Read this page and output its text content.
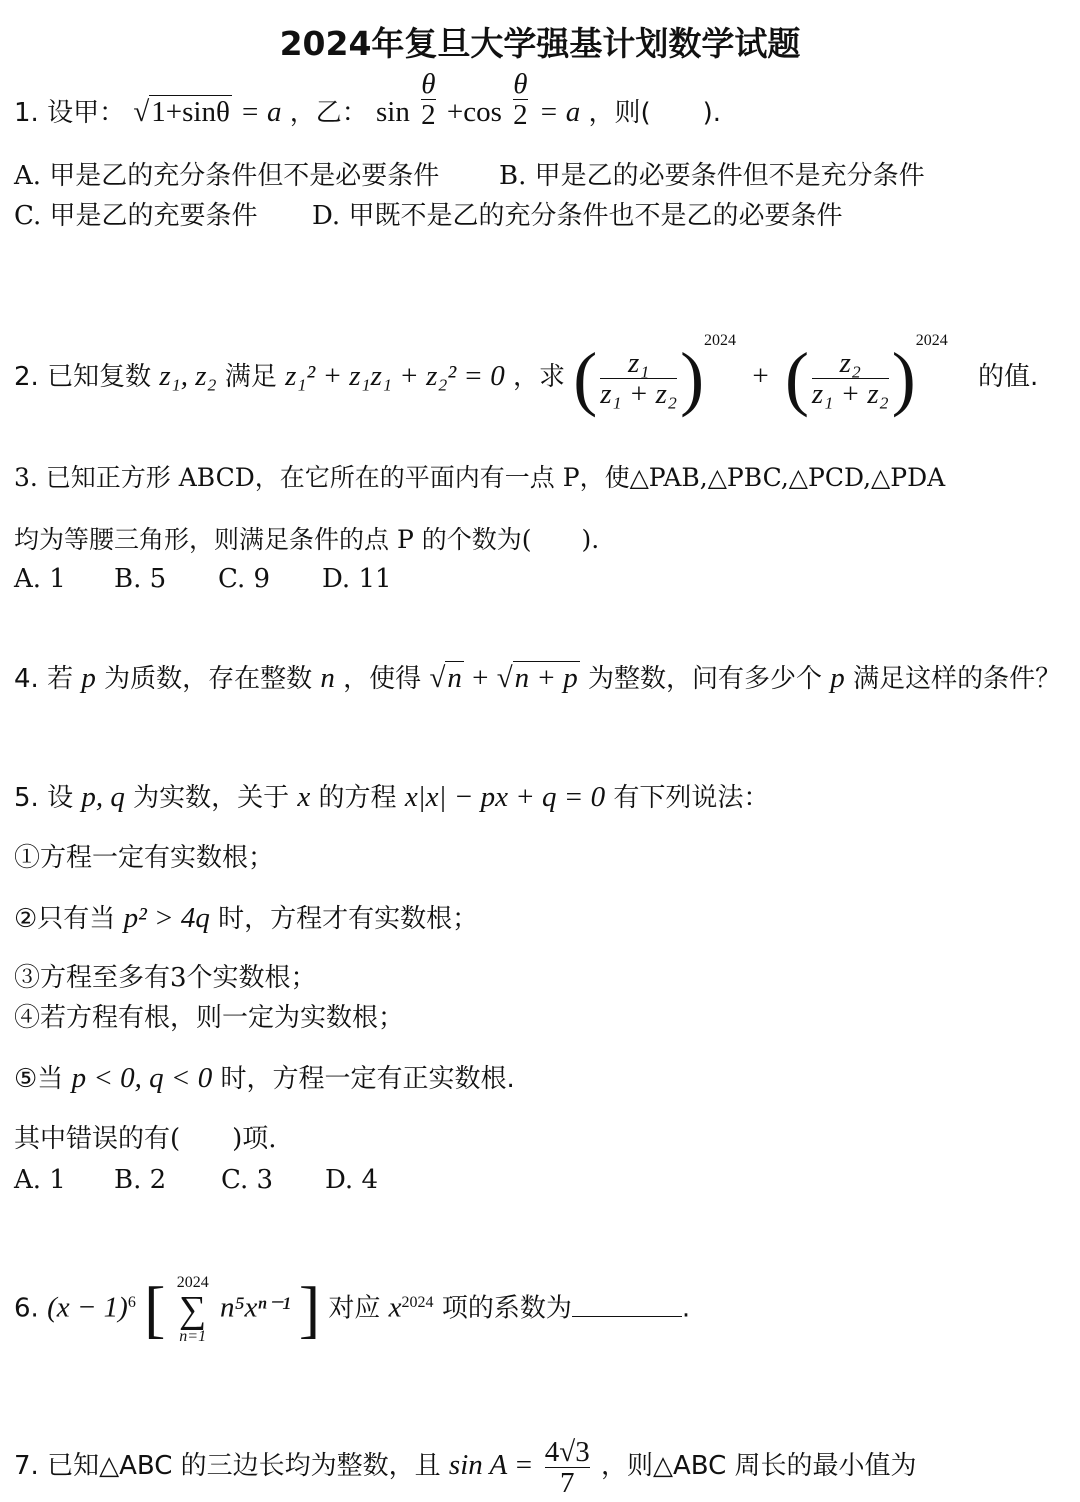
2024年复旦大学强基计划数学试题
1. 设甲： √1+sinθ = a ，乙： $\sin \frac{\theta}{2} +\cos \frac{\theta}{2} = a$ ，则(　　).
A. 甲是乙的充分条件但不是必要条件 B. 甲是乙的必要条件但不是充分条件
C. 甲是乙的充要条件 D. 甲既不是乙的充分条件也不是乙的必要条件
2. 已知复数 z₁, z₂ 满足 z₁² + z₁z₁ + z₂² = 0 ，求 ( $\frac{\text{z₁}}{\text{z₁ + z₂}} )^{2024}$ + ( $\frac{\text{z₂}}{\text{z₁ + z₂}} )^{2024}$ 的值.
3. 已知正方形 ABCD，在它所在的平面内有一点 P，使△PAB,△PBC,△PCD,△PDA
均为等腰三角形，则满足条件的点 P 的个数为(　　).
A. 1 B. 5 C. 9 D. 11
4. 若 p 为质数，存在整数 n ，使得 √n + √n + p 为整数，问有多少个 p 满足这样的条件？
5. 设 p, q 为实数，关于 x 的方程 x|x| − px + q = 0 有下列说法：
①方程一定有实数根；
②只有当 p² > 4q 时，方程才有实数根；
③方程至多有3个实数根；
④若方程有根，则一定为实数根；
⑤当 p < 0, q < 0 时，方程一定有正实数根.
其中错误的有(　　)项.
A. 1 B. 2 C. 3 D. 4
6. $(x - 1)^6$ [ 2024
∑
n=1
n⁵xⁿ⁻¹ ] 对应 $x^{2024}$ 项的系数为	.
7. 已知△ABC 的三边长均为整数，且 $\sin A = \frac{4√3}{7}$ ，则△ABC 周长的最小值为
